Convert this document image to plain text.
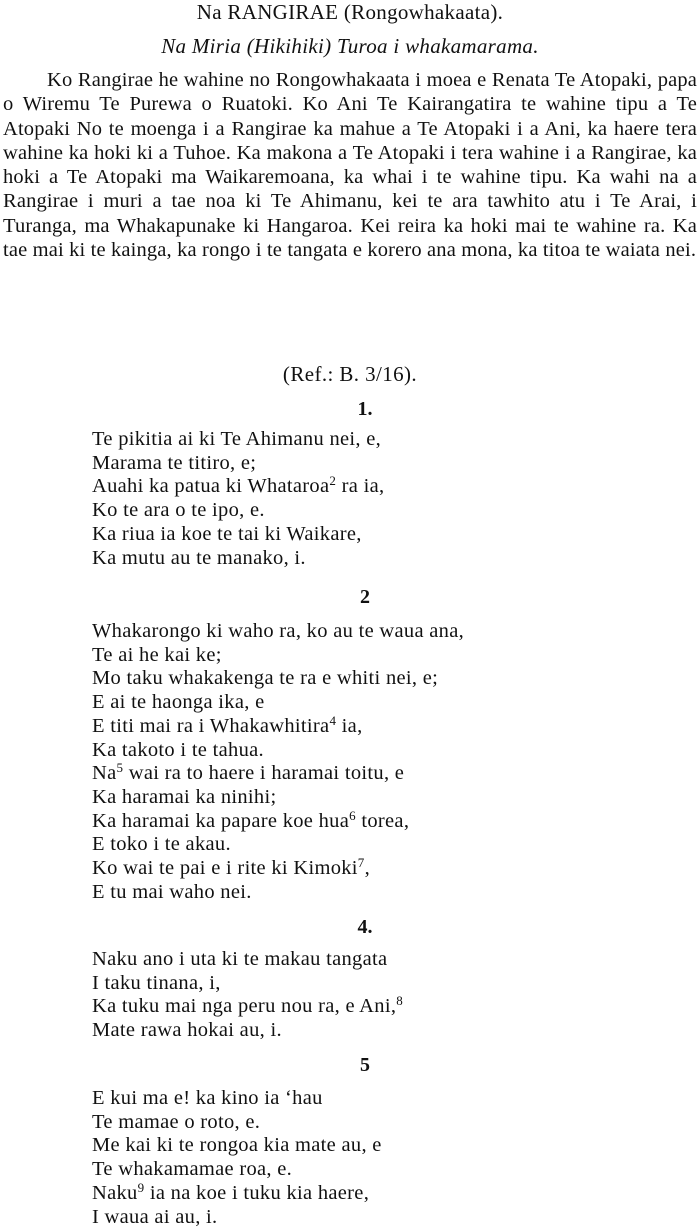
Na RANGIRAE (Rongowhakaata).
Na Miria (Hikihiki) Turoa i whakamarama.

Ko Rangirae he wahine no Rongowhakaata i moea e Renata Te Atopaki, papa o Wiremu Te Purewa o Ruatoki. Ko Ani Te Kairangatira te wahine tipu a Te Atopaki No te moenga i a Rangirae ka mahue a Te Atopaki i a Ani, ka haere tera wahine ka hoki ki a Tuhoe. Ka makona a Te Atopaki i tera wahine i a Rangirae, ka hoki a Te Atopaki ma Waikaremoana, ka whai i te wahine tipu. Ka wahi na a Rangirae i muri a tae noa ki Te Ahimanu, kei te ara tawhito atu i Te Arai, i Turanga, ma Whakapunake ki Hangaroa. Kei reira ka hoki mai te wahine ra. Ka tae mai ki te kainga, ka rongo i te tangata e korero ana mona, ka titoa te waiata nei.

(Ref.: B. 3/16).
1.
Te pikitia ai ki Te Ahimanu nei, e,
Marama te titiro, e;
Auahi ka patua ki Whataroa$^2$ ra ia,
Ko te ara o te ipo, e.
Ka riua ia koe te tai ki Waikare,
Ka mutu au te manako, i.
2
Whakarongo ki waho ra, ko au te waua ana,
Te ai he kai ke;
Mo taku whakakenga te ra e whiti nei, e;
E ai te haonga ika, e
E titi mai ra i Whakawhitira$^4$ ia,
Ka takoto i te tahua.
Na$^5$ wai ra to haere i haramai toitu, e
Ka haramai ka ninihi;
Ka haramai ka papare koe hua$^6$ torea,
E toko i te akau.
Ko wai te pai e i rite ki Kimoki$^7$,
E tu mai waho nei.
4.
Naku ano i uta ki te makau tangata
I taku tinana, i,
Ka tuku mai nga peru nou ra, e Ani,$^8$
Mate rawa hokai au, i.
5
E kui ma e! ka kino ia ‘hau
Te mamae o roto, e.
Me kai ki te rongoa kia mate au, e
Te whakamamae roa, e.
Naku$^9$ ia na koe i tuku kia haere,
I waua ai au, i.
